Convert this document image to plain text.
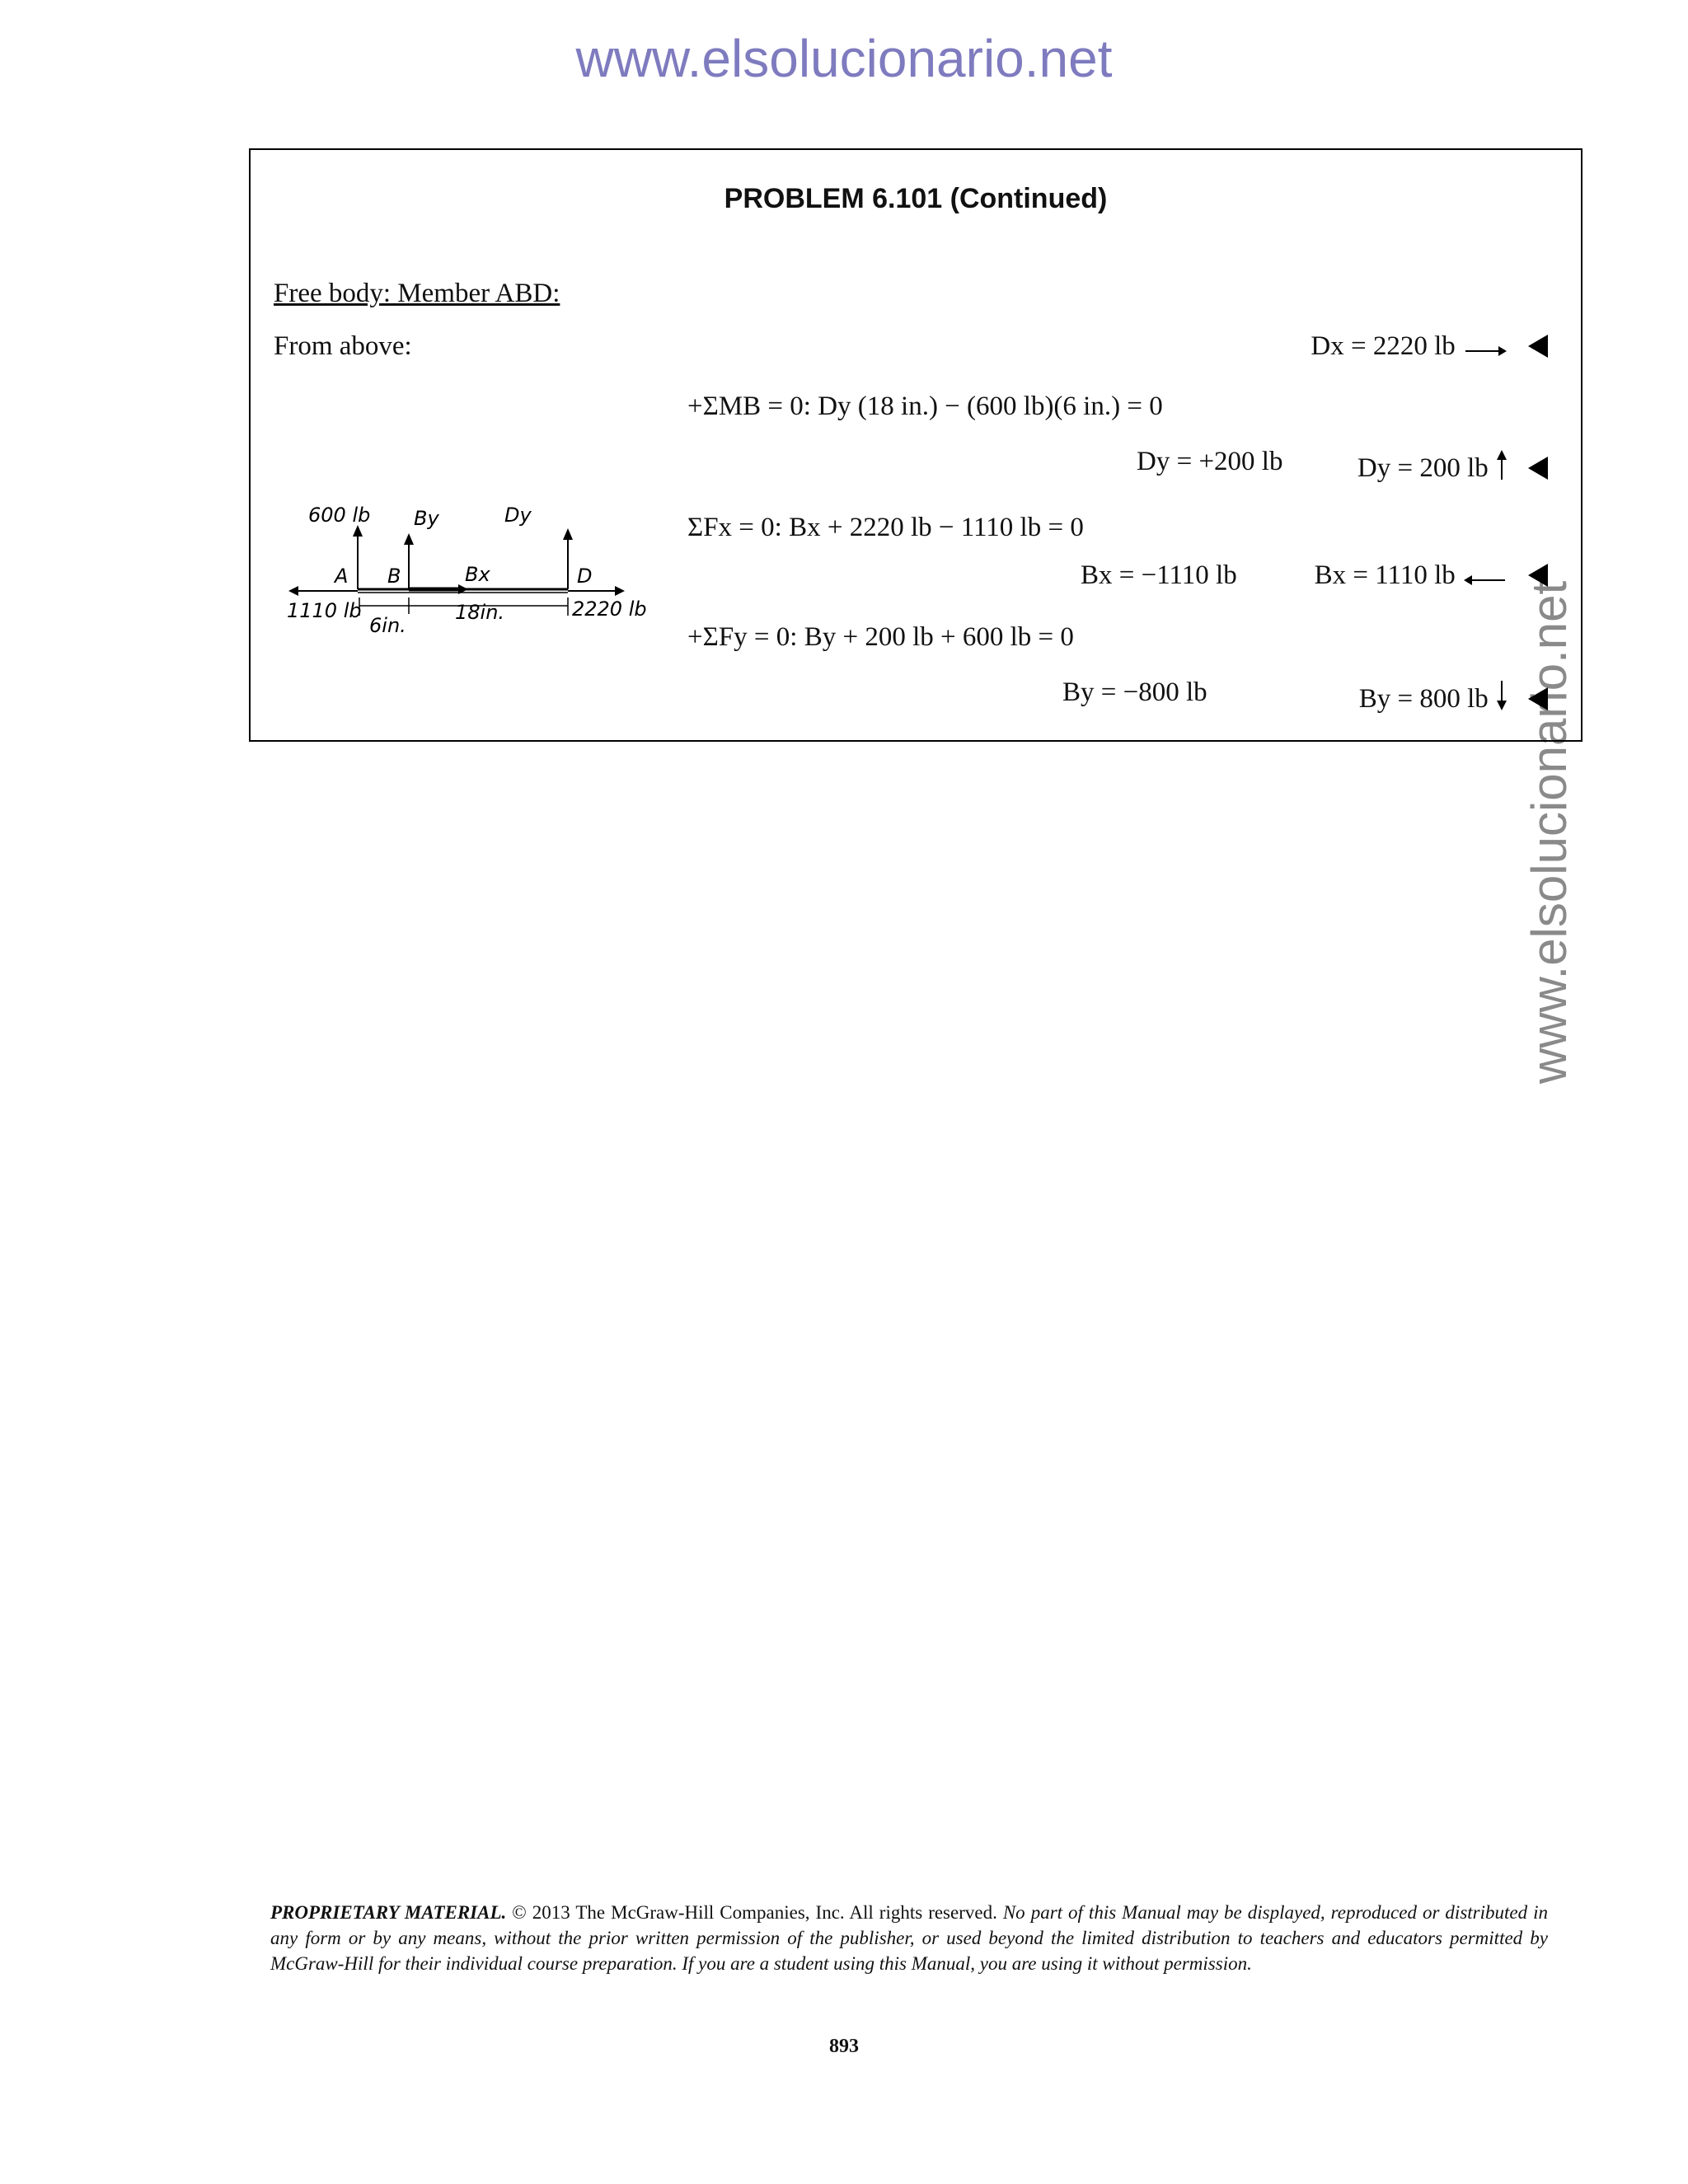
www.elsolucionario.net
www.elsolucionario.net
PROBLEM 6.101 (Continued)
Free body: Member ABD:
From above:	Dx = 2220 lb
+ΣMB = 0: Dy (18 in.) − (600 lb)(6 in.) = 0
Dy = +200 lb	Dy = 200 lb
ΣFx = 0: Bx + 2220 lb − 1110 lb = 0
Bx = −1110 lb	Bx = 1110 lb
+ΣFy = 0: By + 200 lb + 600 lb = 0
By = −800 lb	By = 800 lb
600 lb By	Dy
A B	Bx	D
1110 lb	2220 lb
6in.
18in.
PROPRIETARY MATERIAL. © 2013 The McGraw-Hill Companies, Inc. All rights reserved. No part of this Manual may be displayed, reproduced or distributed in any form or by any means, without the prior written permission of the publisher, or used beyond the limited distribution to teachers and educators permitted by McGraw-Hill for their individual course preparation. If you are a student using this Manual, you are using it without permission.
893
